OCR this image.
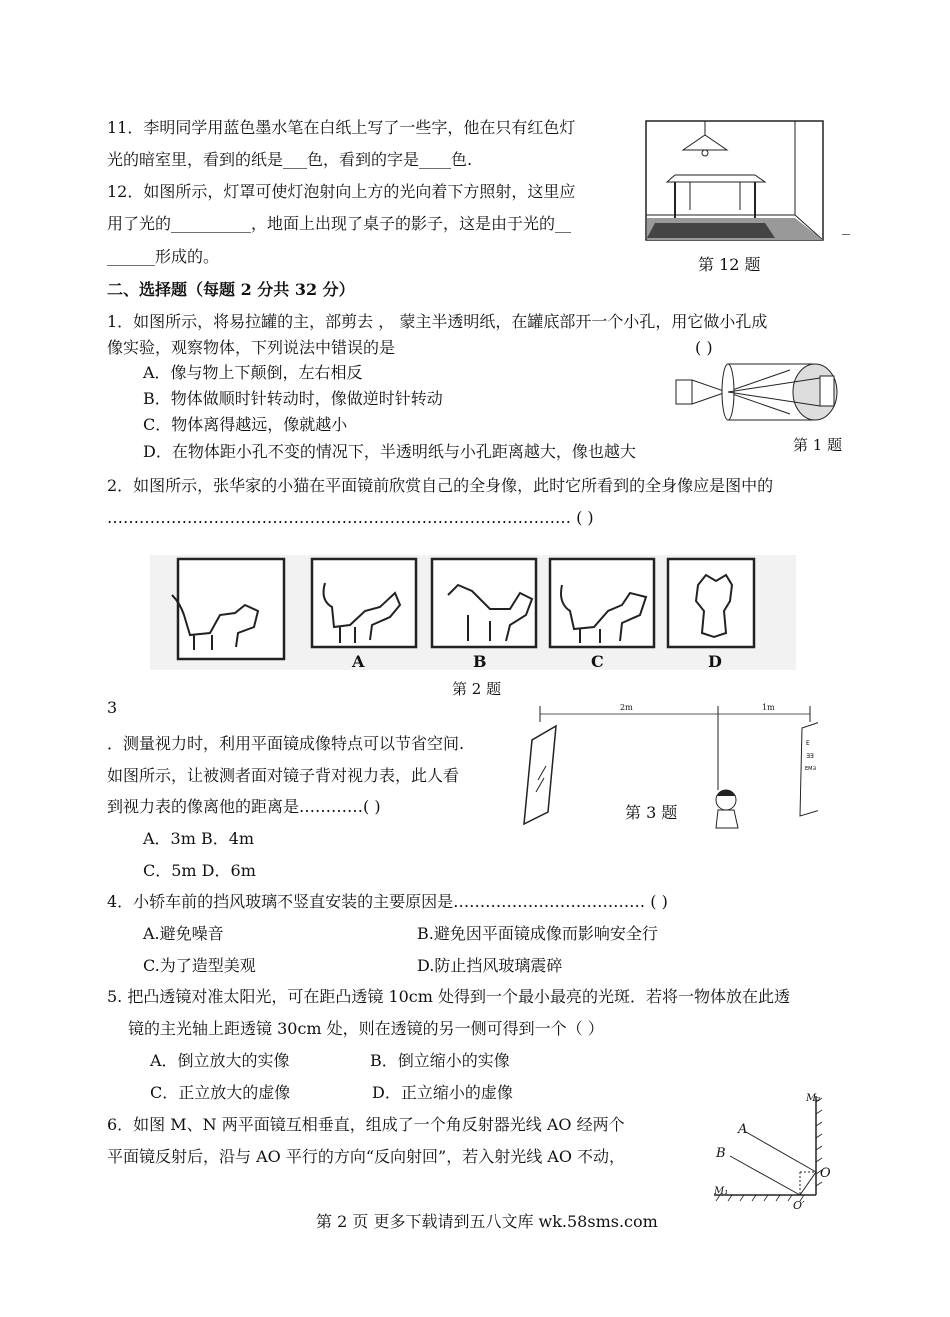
11．李明同学用蓝色墨水笔在白纸上写了一些字，他在只有红色灯
光的暗室里，看到的纸是___色，看到的字是____色.
12．如图所示，灯罩可使灯泡射向上方的光向着下方照射，这里应
用了光的__________，地面上出现了桌子的影子，这是由于光的__
______形成的。	第 12 题
_
二、选择题（每题 2 分共 32 分）
1．如图所示，将易拉罐的主，部剪去 ， 蒙主半透明纸，在罐底部开一个小孔，用它做小孔成
像实验，观察物体，下列说法中错误的是	( )
A．像与物上下颠倒，左右相反
B．物体做顺时针转动时，像做逆时针转动
C．物体离得越远，像就越小
D．在物体距小孔不变的情况下，半透明纸与小孔距离越大，像也越大	第 1 题
2．如图所示，张华家的小猫在平面镜前欣赏自己的全身像，此时它所看到的全身像应是图中的
…………………………………………………………………………… ( )
A	B	C	D
第 2 题
3
．测量视力时，利用平面镜成像特点可以节省空间.
如图所示，让被测者面对镜子背对视力表，此人看
到视力表的像离他的距离是…………( )
A．3m B．4m
C．5m D．6m
E
∃∃
EM∃
2m	1m
第 3 题
4．小轿车前的挡风玻璃不竖直安装的主要原因是……………………………… ( )
A.避免噪音	B.避免因平面镜成像而影响安全行
C.为了造型美观	D.防止挡风玻璃震碎
5. 把凸透镜对准太阳光，可在距凸透镜 10cm 处得到一个最小最亮的光斑．若将一物体放在此透
镜的主光轴上距透镜 30cm 处，则在透镜的另一侧可得到一个（ ）
A．倒立放大的实像	B．倒立缩小的实像
C．正立放大的虚像	D．正立缩小的虚像
6．如图 M、N 两平面镜互相垂直，组成了一个角反射器光线 AO 经两个
平面镜反射后，沿与 AO 平行的方向“反向射回”，若入射光线 AO 不动，
M₂
M₁
A
B
O
O′
第 2 页 更多下载请到五八文库 wk.58sms.com
